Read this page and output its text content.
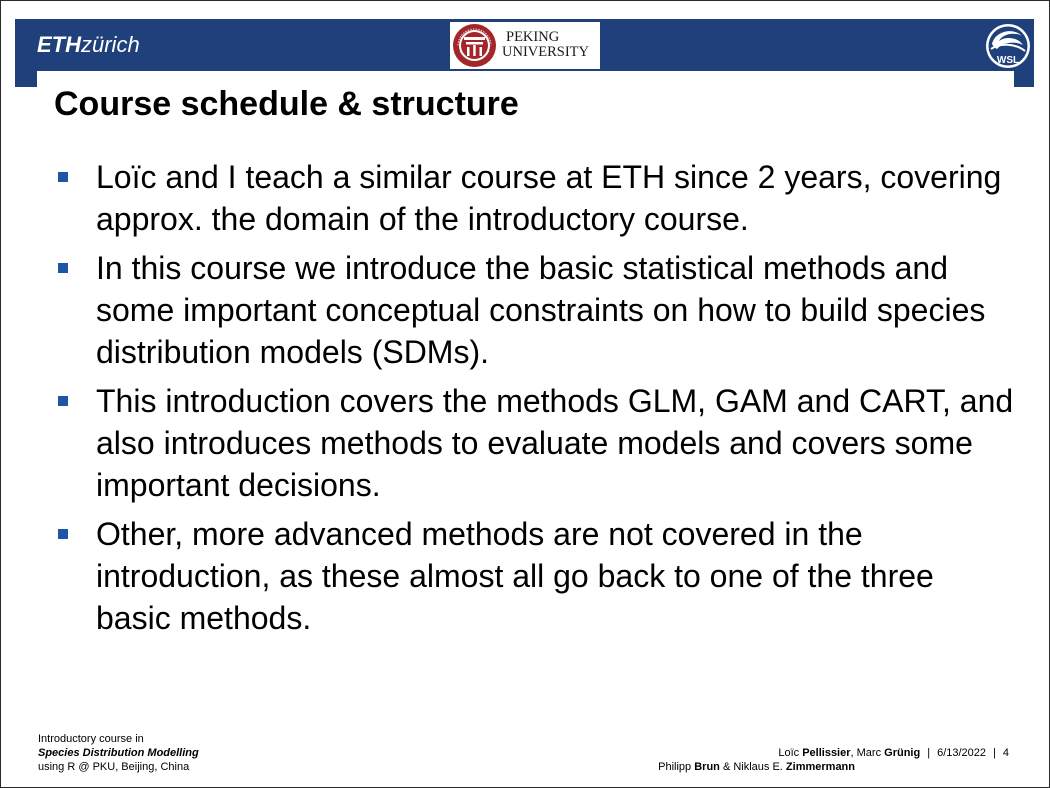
ETHzürich	PEKING
UNIVERSITY
WSL
Course schedule & structure
Loïc and I teach a similar course at ETH since 2 years, covering approx. the domain of the introductory course.
In this course we introduce the basic statistical methods and some important conceptual constraints on how to build species distribution models (SDMs).
This introduction covers the methods GLM, GAM and CART, and also introduces methods to evaluate models and covers some important decisions.
Other, more advanced methods are not covered in the introduction, as these almost all go back to one of the three basic methods.
Introductory course in
Species Distribution Modelling
using R @ PKU, Beijing, China
Loïc Pellissier, Marc Grünig | 6/13/2022 | 4
Philipp Brun & Niklaus E. Zimmermann
